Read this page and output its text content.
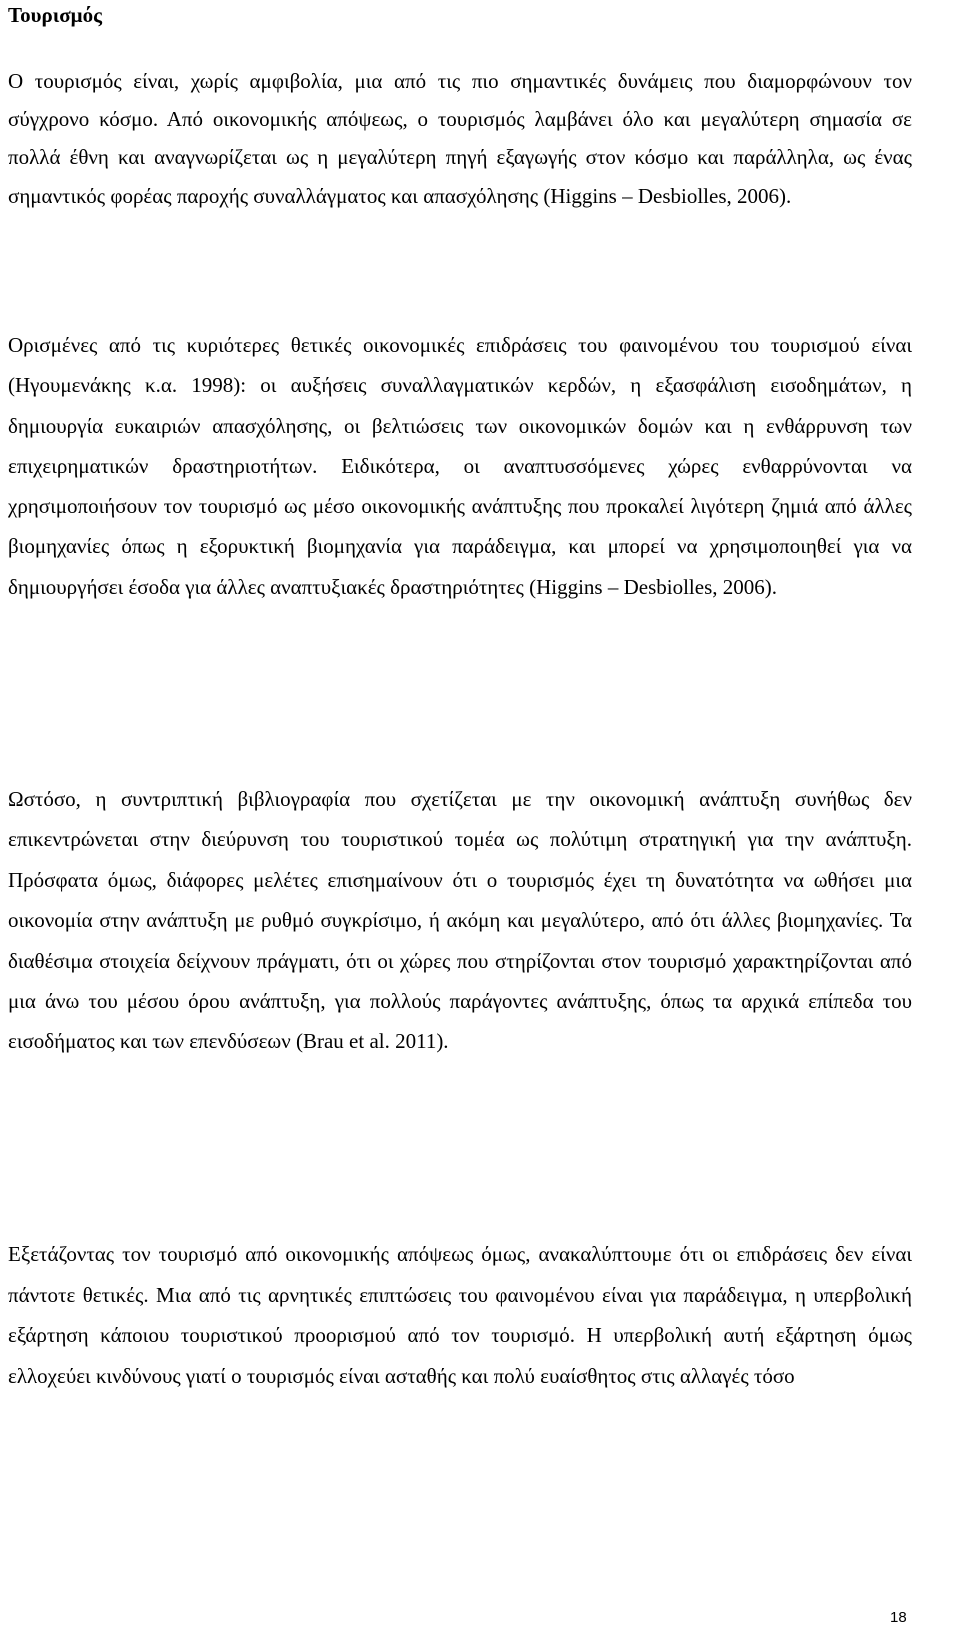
Τουρισμός

Ο τουρισμός είναι, χωρίς αμφιβολία, μια από τις πιο σημαντικές δυνάμεις που διαμορφώνουν τον σύγχρονο κόσμο. Από οικονομικής απόψεως, ο τουρισμός λαμβάνει όλο και μεγαλύτερη σημασία σε πολλά έθνη και αναγνωρίζεται ως η μεγαλύτερη πηγή εξαγωγής στον κόσμο και παράλληλα, ως ένας σημαντικός φορέας παροχής συναλλάγματος και απασχόλησης (Higgins – Desbiolles, 2006).

Ορισμένες από τις κυριότερες θετικές οικονομικές επιδράσεις του φαινομένου του τουρισμού είναι (Ηγουμενάκης κ.α. 1998): οι αυξήσεις συναλλαγματικών κερδών, η εξασφάλιση εισοδημάτων, η δημιουργία ευκαιριών απασχόλησης, οι βελτιώσεις των οικονομικών δομών και η ενθάρρυνση των επιχειρηματικών δραστηριοτήτων. Ειδικότερα, οι αναπτυσσόμενες χώρες ενθαρρύνονται να χρησιμοποιήσουν τον τουρισμό ως μέσο οικονομικής ανάπτυξης που προκαλεί λιγότερη ζημιά από άλλες βιομηχανίες όπως η εξορυκτική βιομηχανία για παράδειγμα, και μπορεί να χρησιμοποιηθεί για να δημιουργήσει έσοδα για άλλες αναπτυξιακές δραστηριότητες (Higgins – Desbiolles, 2006).

Ωστόσο, η συντριπτική βιβλιογραφία που σχετίζεται με την οικονομική ανάπτυξη συνήθως δεν επικεντρώνεται στην διεύρυνση του τουριστικού τομέα ως πολύτιμη στρατηγική για την ανάπτυξη. Πρόσφατα όμως, διάφορες μελέτες επισημαίνουν ότι ο τουρισμός έχει τη δυνατότητα να ωθήσει μια οικονομία στην ανάπτυξη με ρυθμό συγκρίσιμο, ή ακόμη και μεγαλύτερο, από ότι άλλες βιομηχανίες. Τα διαθέσιμα στοιχεία δείχνουν πράγματι, ότι οι χώρες που στηρίζονται στον τουρισμό χαρακτηρίζονται από μια άνω του μέσου όρου ανάπτυξη, για πολλούς παράγοντες ανάπτυξης, όπως τα αρχικά επίπεδα του εισοδήματος και των επενδύσεων (Brau et al. 2011).

Εξετάζοντας τον τουρισμό από οικονομικής απόψεως όμως, ανακαλύπτουμε ότι οι επιδράσεις δεν είναι πάντοτε θετικές. Μια από τις αρνητικές επιπτώσεις του φαινομένου είναι για παράδειγμα, η υπερβολική εξάρτηση κάποιου τουριστικού προορισμού από τον τουρισμό. Η υπερβολική αυτή εξάρτηση όμως ελλοχεύει κινδύνους γιατί ο τουρισμός είναι ασταθής και πολύ ευαίσθητος στις αλλαγές τόσο

18
